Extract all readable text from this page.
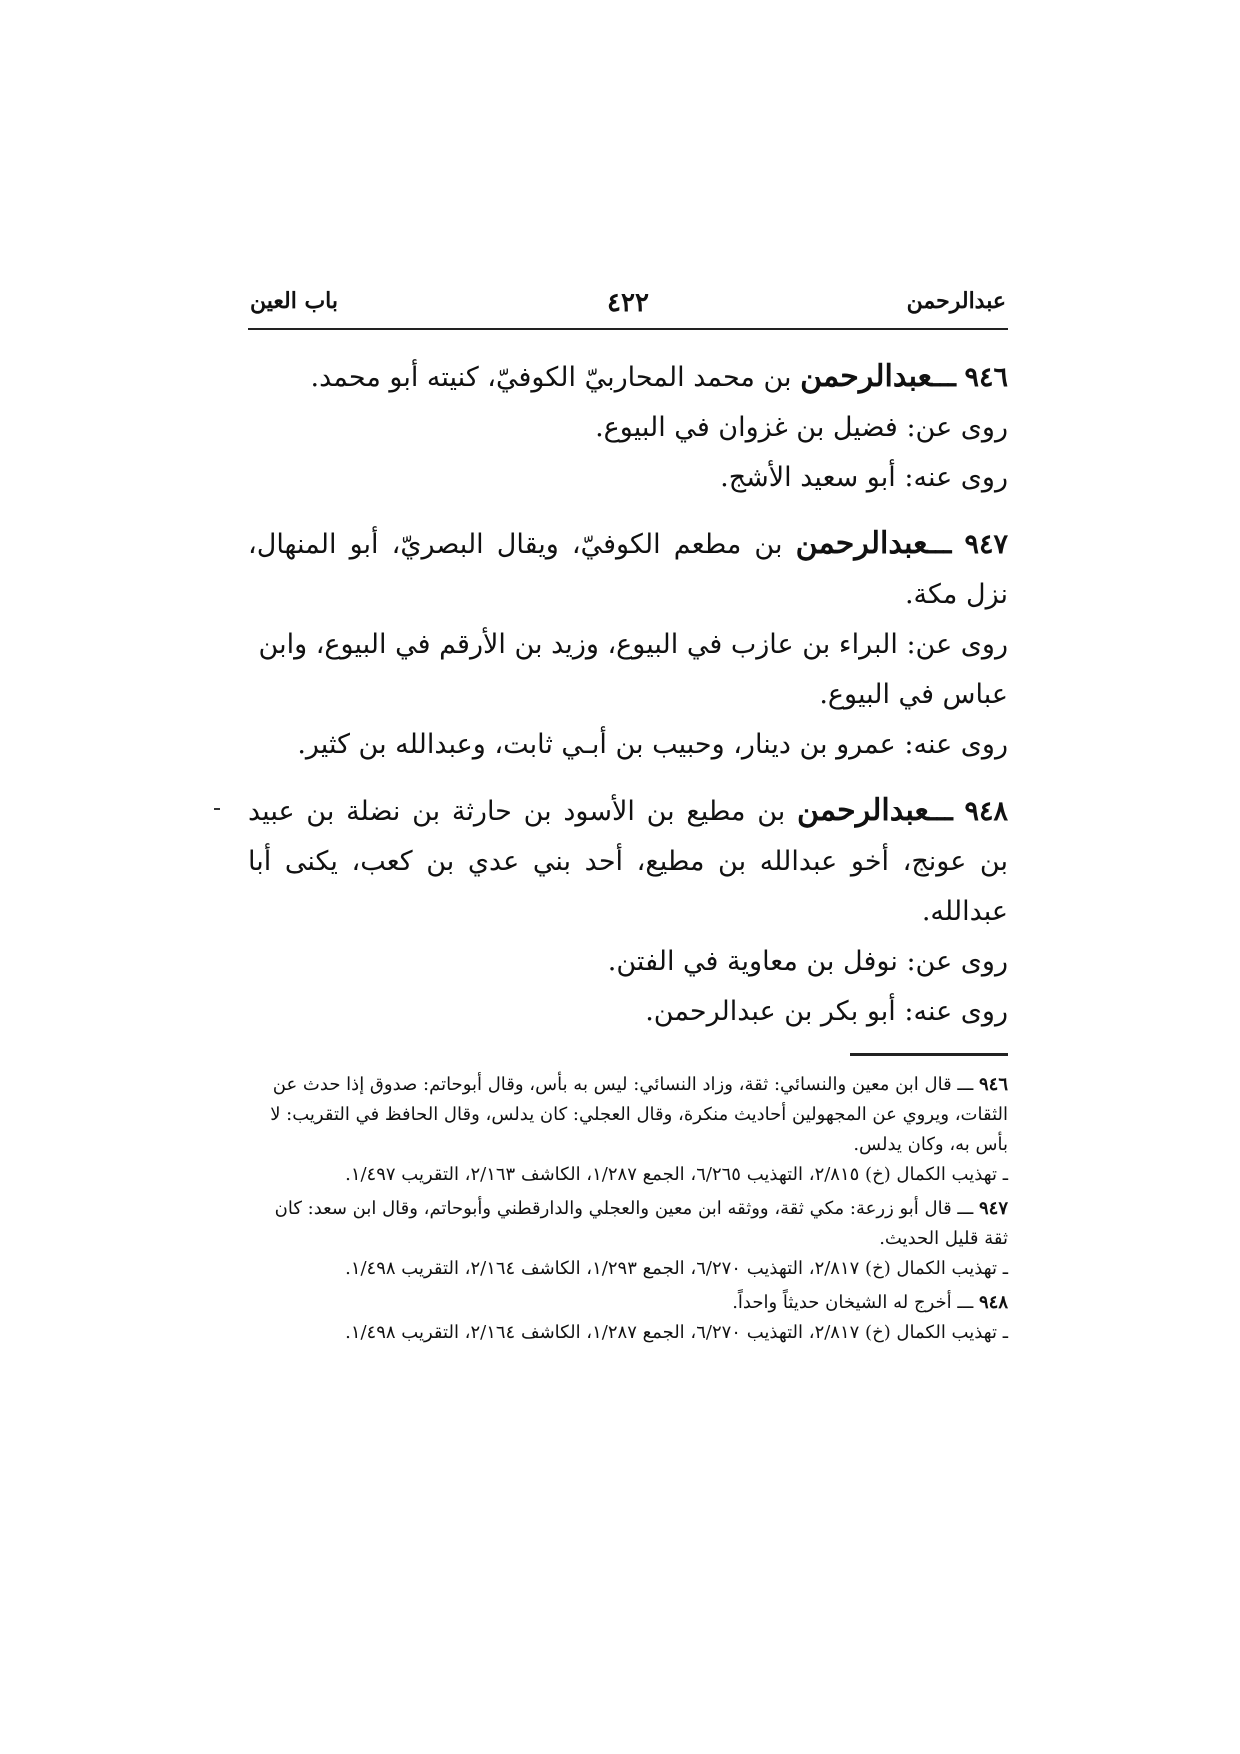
عبدالرحمن
٤٢٢
باب العين
٩٤٦ ـــعبدالرحمن بن محمد المحاربيّ الكوفيّ، كنيته أبو محمد.
روى عن: فضيل بن غزوان في البيوع.
روى عنه: أبو سعيد الأشج.
٩٤٧ ـــعبدالرحمن بن مطعم الكوفيّ، ويقال البصريّ، أبو المنهال، نزل مكة.
روى عن: البراء بن عازب في البيوع، وزيد بن الأرقم في البيوع، وابن عباس في البيوع.
روى عنه: عمرو بن دينار، وحبيب بن أبـي ثابت، وعبدالله بن كثير.
٩٤٨ ـــعبدالرحمن بن مطيع بن الأسود بن حارثة بن نضلة بن عبيد بن عونج، أخو عبدالله بن مطيع، أحد بني عدي بن كعب، يكنى أبا عبدالله.
روى عن: نوفل بن معاوية في الفتن.
روى عنه: أبو بكر بن عبدالرحمن.
٩٤٦ ـــ قال ابن معين والنسائي: ثقة، وزاد النسائي: ليس به بأس، وقال أبوحاتم: صدوق إذا حدث عن الثقات، ويروي عن المجهولين أحاديث منكرة، وقال العجلي: كان يدلس، وقال الحافظ في التقريب: لا بأس به، وكان يدلس.
ـ تهذيب الكمال (خ) ٢/٨١٥، التهذيب ٦/٢٦٥، الجمع ١/٢٨٧، الكاشف ٢/١٦٣، التقريب ١/٤٩٧.
٩٤٧ ـــ قال أبو زرعة: مكي ثقة، ووثقه ابن معين والعجلي والدارقطني وأبوحاتم، وقال ابن سعد: كان ثقة قليل الحديث.
ـ تهذيب الكمال (خ) ٢/٨١٧، التهذيب ٦/٢٧٠، الجمع ١/٢٩٣، الكاشف ٢/١٦٤، التقريب ١/٤٩٨.
٩٤٨ ـــ أخرج له الشيخان حديثاً واحداً.
ـ تهذيب الكمال (خ) ٢/٨١٧، التهذيب ٦/٢٧٠، الجمع ١/٢٨٧، الكاشف ٢/١٦٤، التقريب ١/٤٩٨.
